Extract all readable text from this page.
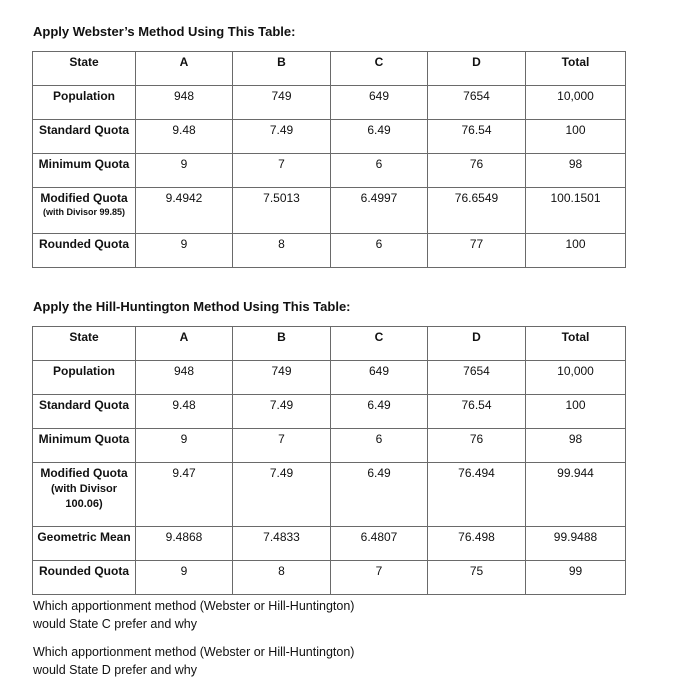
Apply Webster’s Method Using This Table:

State	A	B	C	D	Total
Population	948	749	649	7654	10,000
Standard Quota	9.48	7.49	6.49	76.54	100
Minimum Quota	9	7	6	76	98
Modified Quota
(with Divisor 99.85)	9.4942	7.5013	6.4997	76.6549	100.1501
Rounded Quota	9	8	6	77	100

Apply the Hill-Huntington Method Using This Table:

State	A	B	C	D	Total
Population	948	749	649	7654	10,000
Standard Quota	9.48	7.49	6.49	76.54	100
Minimum Quota	9	7	6	76	98
Modified Quota
(with Divisor 100.06)	9.47	7.49	6.49	76.494	99.944
Geometric Mean	9.4868	7.4833	6.4807	76.498	99.9488
Rounded Quota	9	8	7	75	99

Which apportionment method (Webster or Hill-Huntington) would State C prefer and why

Which apportionment method (Webster or Hill-Huntington) would State D prefer and why
